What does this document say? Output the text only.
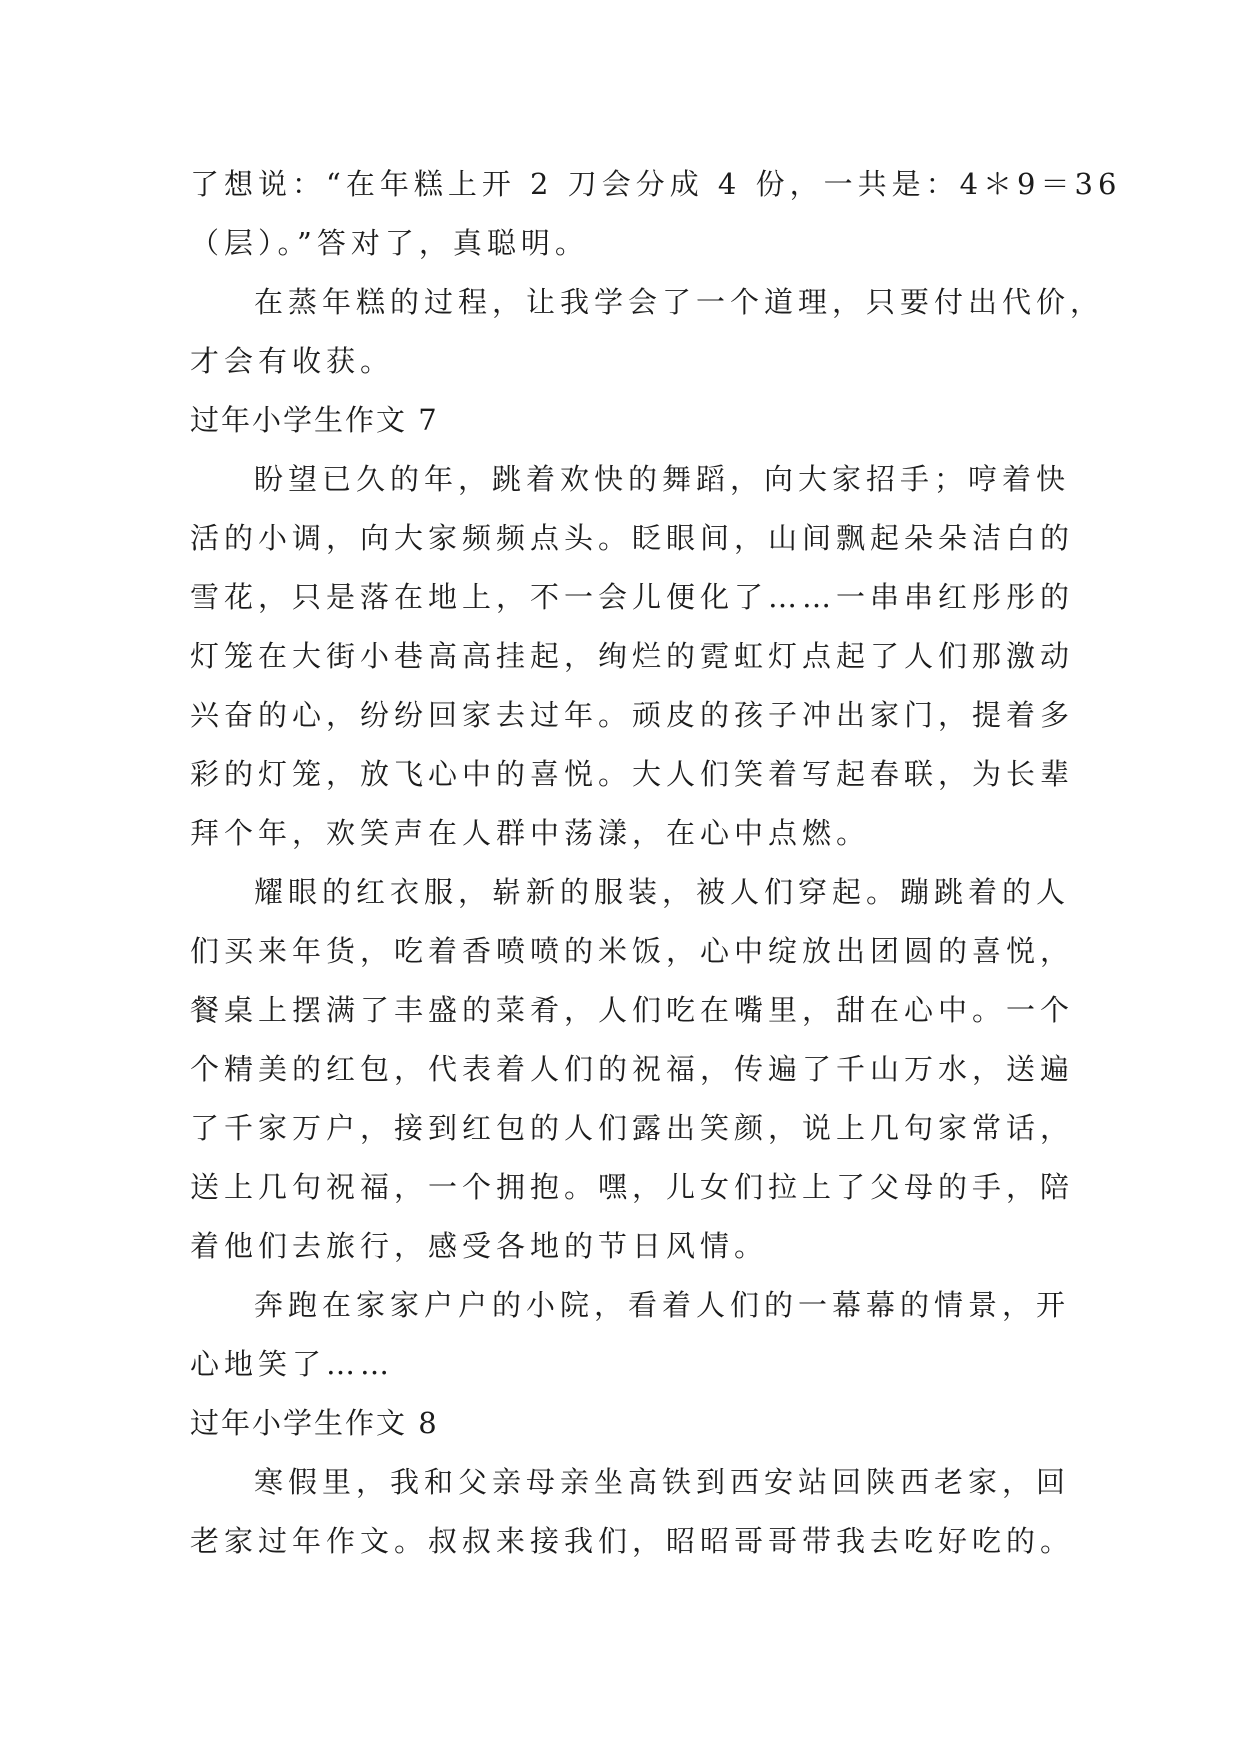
了想说：“在年糕上开 2 刀会分成 4 份，一共是：4＊9＝36
（层）。”答对了，真聪明。
在蒸年糕的过程，让我学会了一个道理，只要付出代价，
才会有收获。
过年小学生作文 7
盼望已久的年，跳着欢快的舞蹈，向大家招手；哼着快
活的小调，向大家频频点头。眨眼间，山间飘起朵朵洁白的
雪花，只是落在地上，不一会儿便化了……一串串红彤彤的
灯笼在大街小巷高高挂起，绚烂的霓虹灯点起了人们那激动
兴奋的心，纷纷回家去过年。顽皮的孩子冲出家门，提着多
彩的灯笼，放飞心中的喜悦。大人们笑着写起春联，为长辈
拜个年，欢笑声在人群中荡漾，在心中点燃。
耀眼的红衣服，崭新的服装，被人们穿起。蹦跳着的人
们买来年货，吃着香喷喷的米饭，心中绽放出团圆的喜悦，
餐桌上摆满了丰盛的菜肴，人们吃在嘴里，甜在心中。一个
个精美的红包，代表着人们的祝福，传遍了千山万水，送遍
了千家万户，接到红包的人们露出笑颜，说上几句家常话，
送上几句祝福，一个拥抱。嘿，儿女们拉上了父母的手，陪
着他们去旅行，感受各地的节日风情。
奔跑在家家户户的小院，看着人们的一幕幕的情景，开
心地笑了……
过年小学生作文 8
寒假里，我和父亲母亲坐高铁到西安站回陕西老家，回
老家过年作文。叔叔来接我们，昭昭哥哥带我去吃好吃的。
